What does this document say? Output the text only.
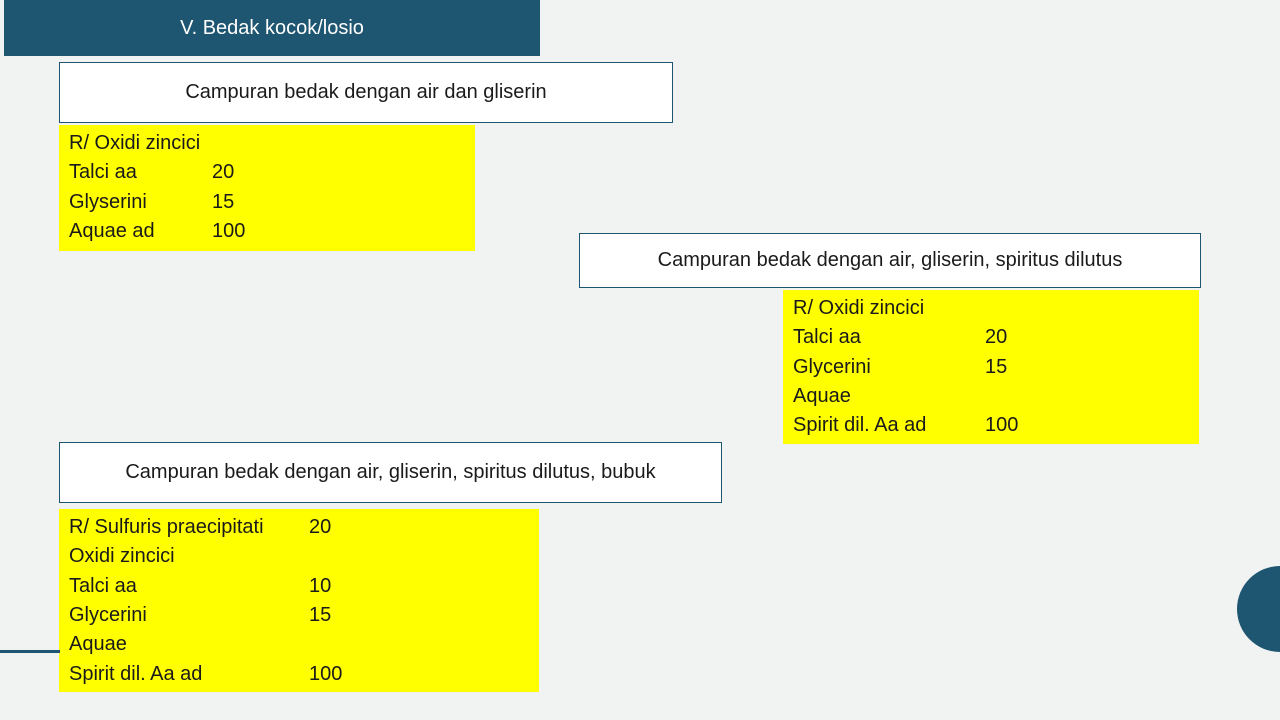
V. Bedak kocok/losio
Campuran bedak dengan air dan gliserin
R/ Oxidi zincici
Talci aa	20
Glyserini	15
Aquae ad	100
Campuran bedak dengan air, gliserin, spiritus dilutus
R/ Oxidi zincici
Talci aa	20
Glycerini	15
Aquae
Spirit dil. Aa ad	100
Campuran bedak dengan air, gliserin, spiritus dilutus, bubuk
R/ Sulfuris praecipitati	20
Oxidi zincici
Talci aa	10
Glycerini	15
Aquae
Spirit dil. Aa ad	100
